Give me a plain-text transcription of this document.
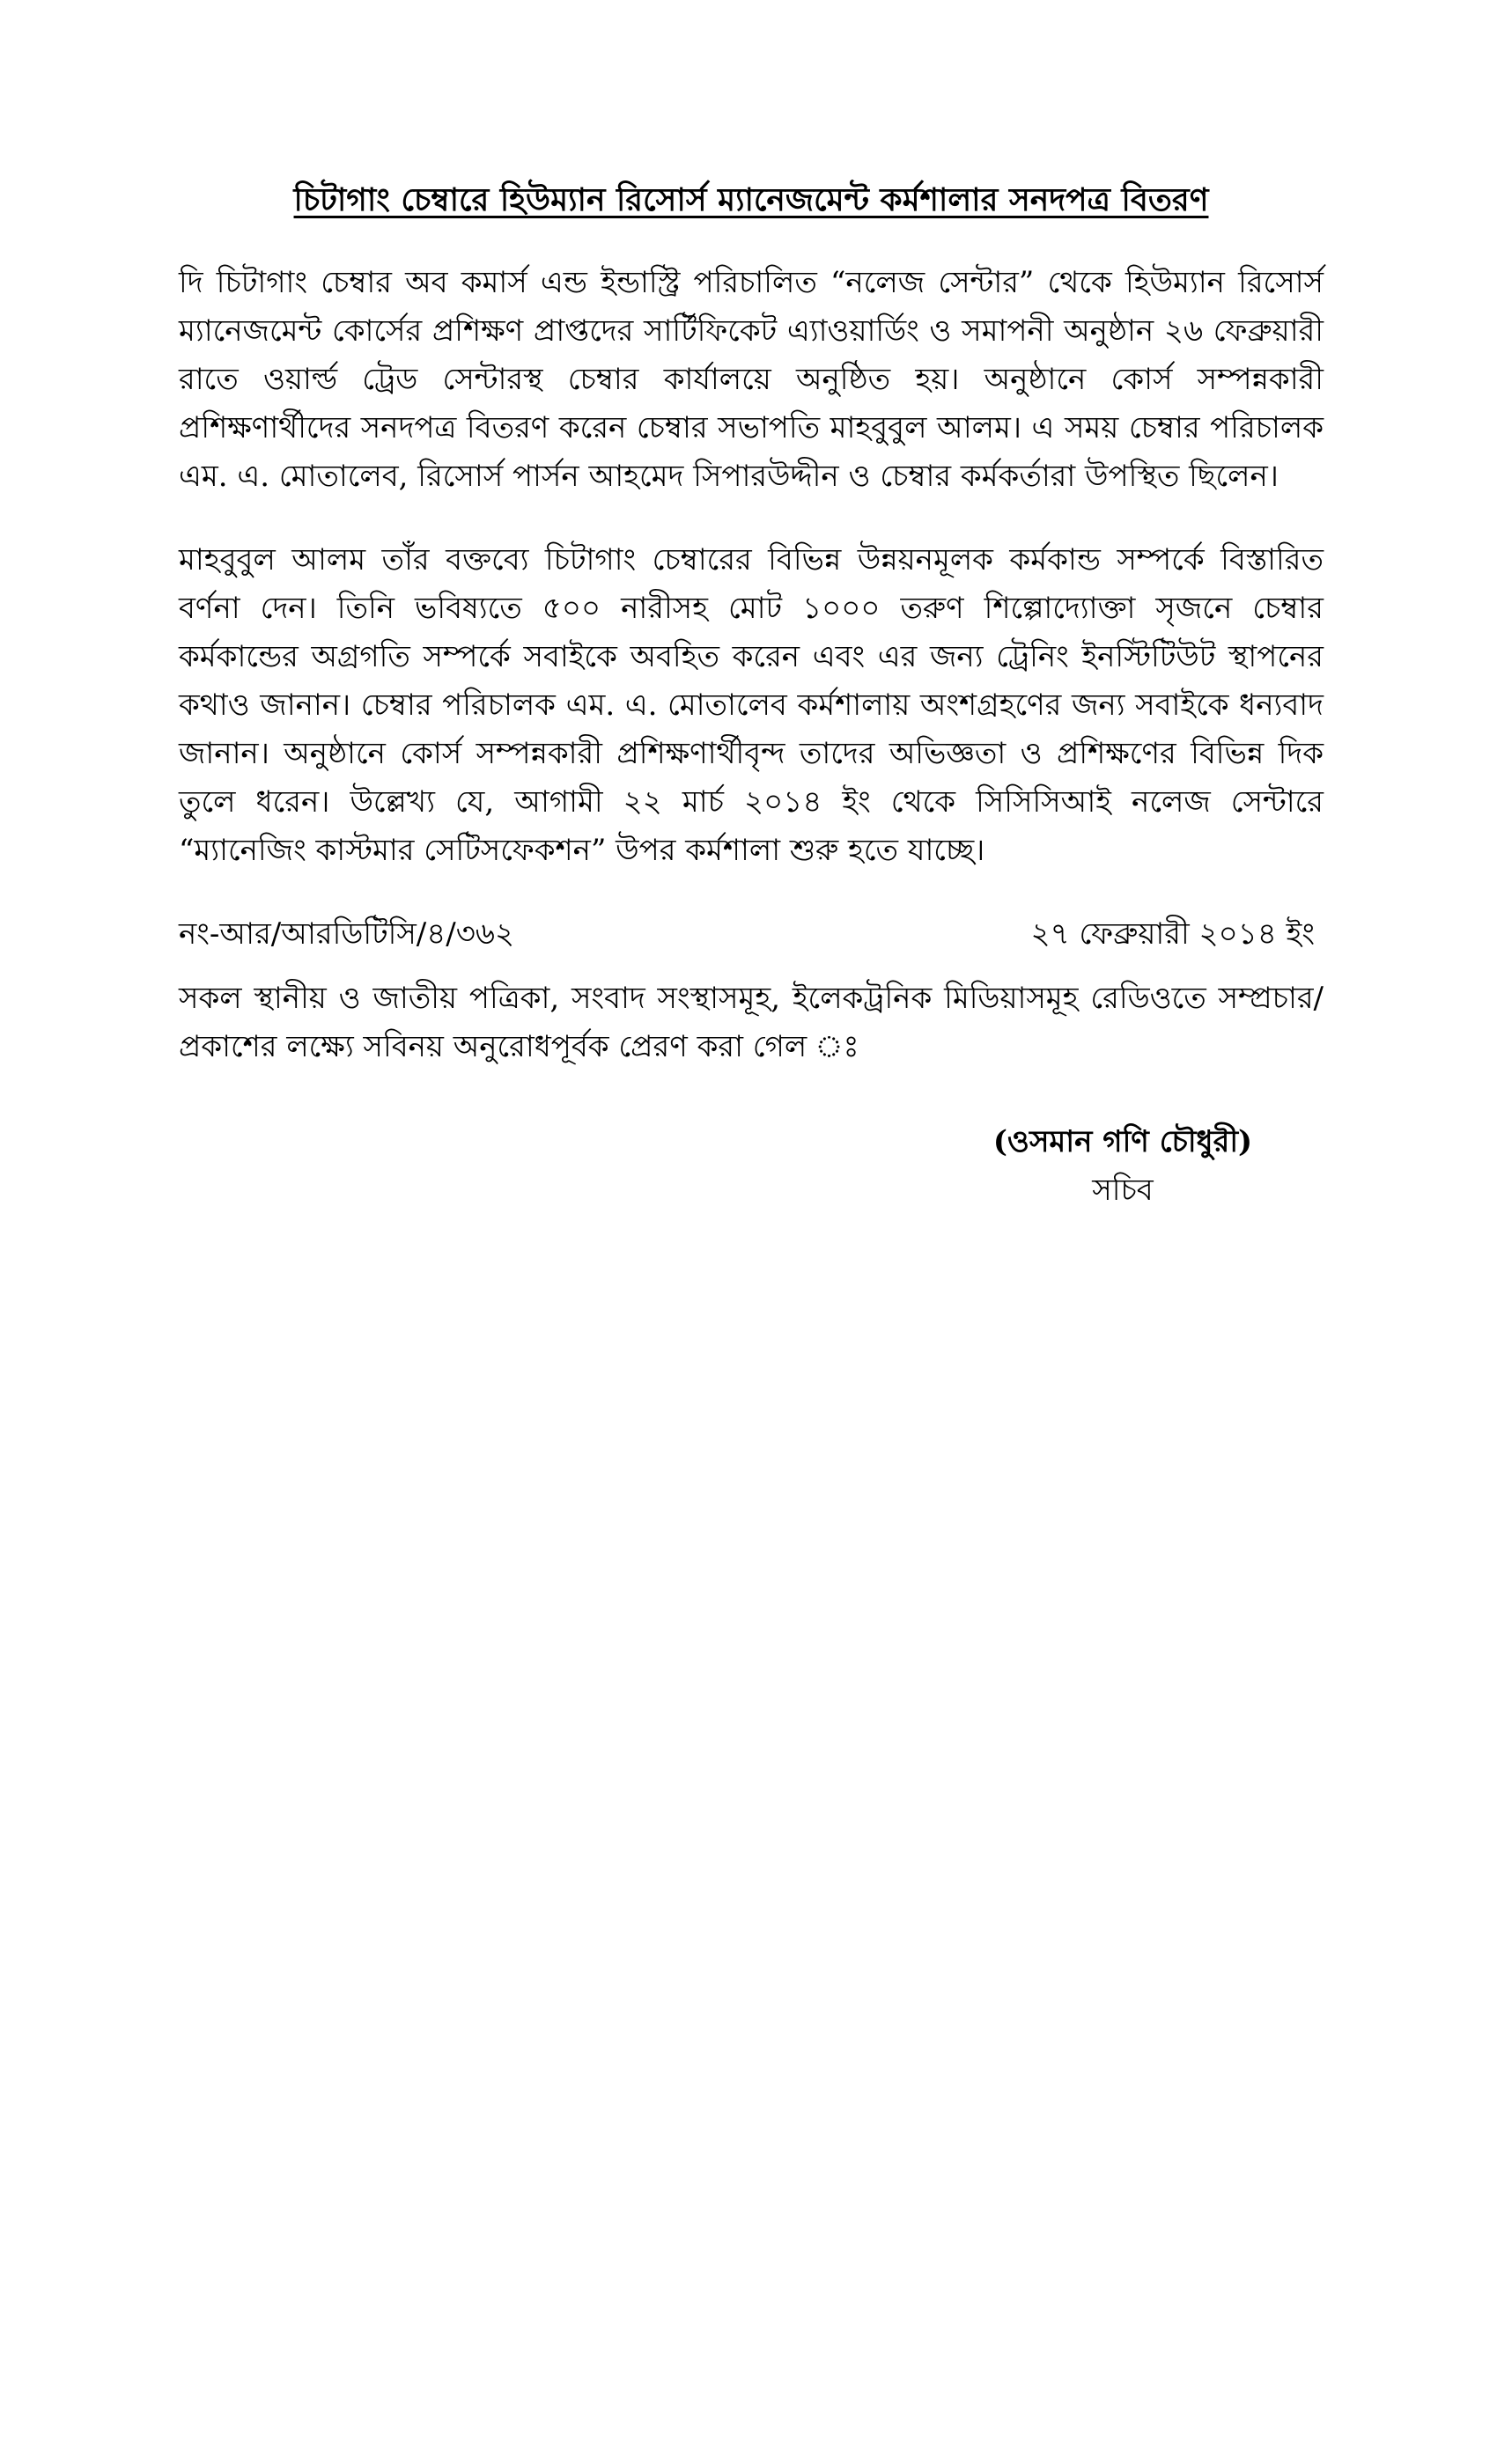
চিটাগাং চেম্বারে হিউম্যান রিসোর্স ম্যানেজমেন্ট কর্মশালার সনদপত্র বিতরণ

দি চিটাগাং চেম্বার অব কমার্স এন্ড ইন্ডাস্ট্রি পরিচালিত “নলেজ সেন্টার” থেকে হিউম্যান রিসোর্স ম্যানেজমেন্ট কোর্সের প্রশিক্ষণ প্রাপ্তদের সার্টিফিকেট এ্যাওয়ার্ডিং ও সমাপনী অনুষ্ঠান ২৬ ফেব্রুয়ারী রাতে ওয়ার্ল্ড ট্রেড সেন্টারস্থ চেম্বার কার্যালয়ে অনুষ্ঠিত হয়। অনুষ্ঠানে কোর্স সম্পন্নকারী প্রশিক্ষণার্থীদের সনদপত্র বিতরণ করেন চেম্বার সভাপতি মাহবুবুল আলম। এ সময় চেম্বার পরিচালক এম. এ. মোতালেব, রিসোর্স পার্সন আহমেদ সিপারউদ্দীন ও চেম্বার কর্মকর্তারা উপস্থিত ছিলেন।

মাহবুবুল আলম তাঁর বক্তব্যে চিটাগাং চেম্বারের বিভিন্ন উন্নয়নমূলক কর্মকান্ড সম্পর্কে বিস্তারিত বর্ণনা দেন। তিনি ভবিষ্যতে ৫০০ নারীসহ মোট ১০০০ তরুণ শিল্পোদ্যোক্তা সৃজনে চেম্বার কর্মকান্ডের অগ্রগতি সম্পর্কে সবাইকে অবহিত করেন এবং এর জন্য ট্রেনিং ইনস্টিটিউট স্থাপনের কথাও জানান। চেম্বার পরিচালক এম. এ. মোতালেব কর্মশালায় অংশগ্রহণের জন্য সবাইকে ধন্যবাদ জানান। অনুষ্ঠানে কোর্স সম্পন্নকারী প্রশিক্ষণার্থীবৃন্দ তাদের অভিজ্ঞতা ও প্রশিক্ষণের বিভিন্ন দিক তুলে ধরেন। উল্লেখ্য যে, আগামী ২২ মার্চ ২০১৪ ইং থেকে সিসিসিআই নলেজ সেন্টারে “ম্যানেজিং কাস্টমার সেটিসফেকশন” উপর কর্মশালা শুরু হতে যাচ্ছে।

নং-আর/আরডিটিসি/৪/৩৬২	২৭ ফেব্রুয়ারী ২০১৪ ইং

সকল স্থানীয় ও জাতীয় পত্রিকা, সংবাদ সংস্থাসমূহ, ইলেকট্রনিক মিডিয়াসমূহ রেডিওতে সম্প্রচার/প্রকাশের লক্ষ্যে সবিনয় অনুরোধপূর্বক প্রেরণ করা গেল ঃ

(ওসমান গণি চৌধুরী)
সচিব
